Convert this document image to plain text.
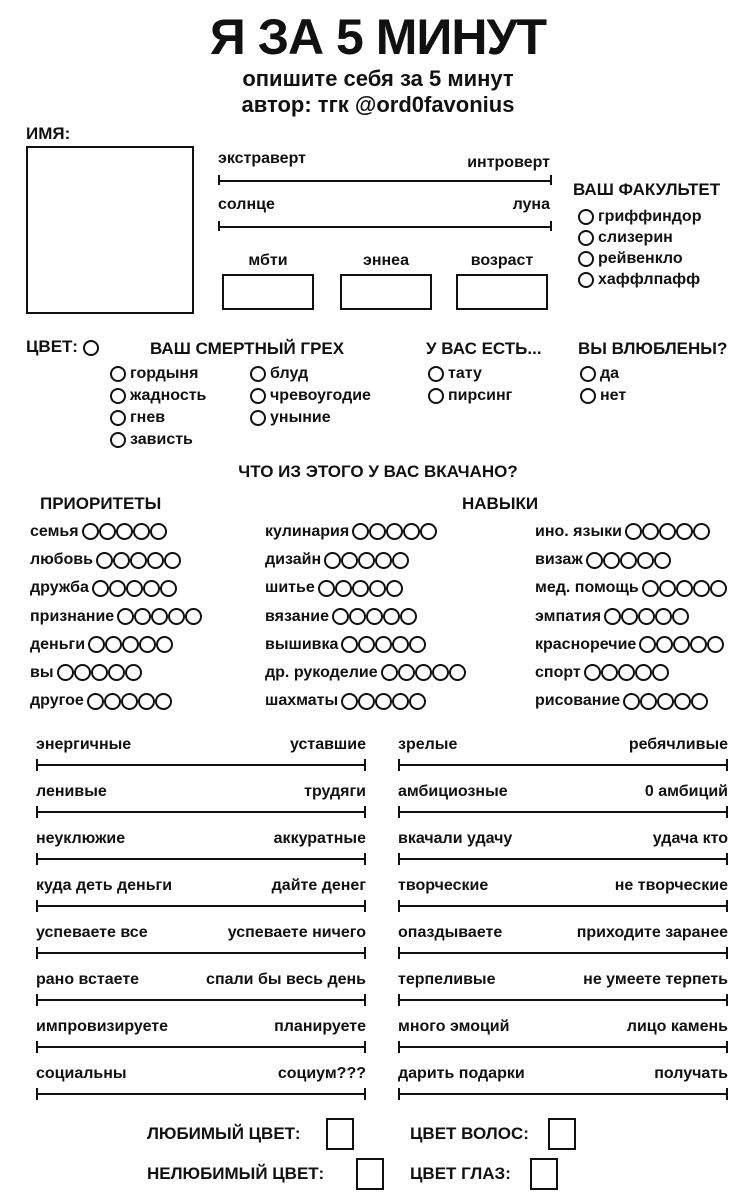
Я ЗА 5 МИНУТ
опишите себя за 5 минут
автор: тгк @ord0favonius
ИМЯ:
экстраверт	интроверт
солнце	луна
мбти	эннеа	возраст
ВАШ ФАКУЛЬТЕТ
гриффиндор
слизерин
рейвенкло
хаффлпафф
ЦВЕТ:	ВАШ СМЕРТНЫЙ ГРЕХ
гордыня
жадность
гнев
зависть
блуд
чревоугодие
уныние
У ВАС ЕСТЬ...
тату
пирсинг
ВЫ ВЛЮБЛЕНЫ?
да
нет
ЧТО ИЗ ЭТОГО У ВАС ВКАЧАНО?
ПРИОРИТЕТЫ	НАВЫКИ
семья
любовь
дружба
признание
деньги
вы
другое
кулинария
дизайн
шитье
вязание
вышивка
др. рукоделие
шахматы
ино. языки
визаж
мед. помощь
эмпатия
красноречие
спорт
рисование
энергичные	уставшие
ленивые	трудяги
неуклюжие	аккуратные
куда деть деньги	дайте денег
успеваете все	успеваете ничего
рано встаете	спали бы весь день
импровизируете	планируете
социальны	социум???
зрелые	ребячливые
амбициозные	0 амбиций
вкачали удачу	удача кто
творческие	не творческие
опаздываете	приходите заранее
терпеливые	не умеете терпеть
много эмоций	лицо камень
дарить подарки	получать
ЛЮБИМЫЙ ЦВЕТ:	ЦВЕТ ВОЛОС:
НЕЛЮБИМЫЙ ЦВЕТ:	ЦВЕТ ГЛАЗ:
